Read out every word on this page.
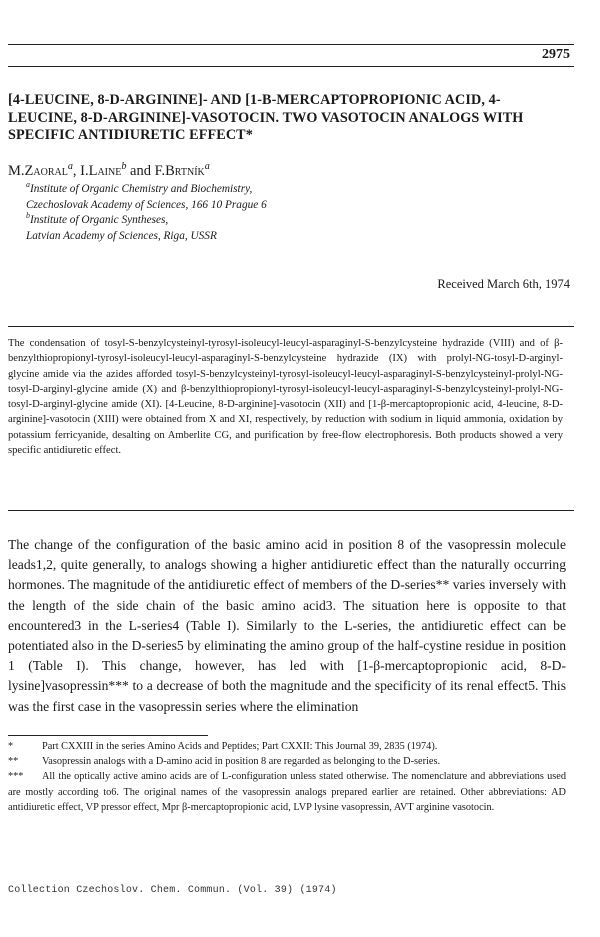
2975
[4-LEUCINE, 8-D-ARGININE]- AND [1-Β-MERCAPTOPROPIONIC ACID, 4-LEUCINE, 8-D-ARGININE]-VASOTOCIN. TWO VASOTOCIN ANALOGS WITH SPECIFIC ANTIDIURETIC EFFECT*
M.Zaoral$^a$, I.Laine$^b$ and F.Brtník$^a$
$^a$Institute of Organic Chemistry and Biochemistry,
Czechoslovak Academy of Sciences, 166 10 Prague 6
$^b$Institute of Organic Syntheses,
Latvian Academy of Sciences, Riga, USSR
Received March 6th, 1974
The condensation of tosyl-S-benzylcysteinyl-tyrosyl-isoleucyl-leucyl-asparaginyl-S-benzylcysteine hydrazide (VIII) and of β-benzylthiopropionyl-tyrosyl-isoleucyl-leucyl-asparaginyl-S-benzylcysteine hydrazide (IX) with prolyl-NG-tosyl-D-arginyl-glycine amide via the azides afforded tosyl-S-benzylcysteinyl-tyrosyl-isoleucyl-leucyl-asparaginyl-S-benzylcysteinyl-prolyl-NG-tosyl-D-arginyl-glycine amide (X) and β-benzylthiopropionyl-tyrosyl-isoleucyl-leucyl-asparaginyl-S-benzylcysteinyl-prolyl-NG-tosyl-D-arginyl-glycine amide (XI). [4-Leucine, 8-D-arginine]-vasotocin (XII) and [1-β-mercaptopropionic acid, 4-leucine, 8-D-arginine]-vasotocin (XIII) were obtained from X and XI, respectively, by reduction with sodium in liquid ammonia, oxidation by potassium ferricyanide, desalting on Amberlite CG, and purification by free-flow electrophoresis. Both products showed a very specific antidiuretic effect.
The change of the configuration of the basic amino acid in position 8 of the vasopressin molecule leads1,2, quite generally, to analogs showing a higher antidiuretic effect than the naturally occurring hormones. The magnitude of the antidiuretic effect of members of the D-series** varies inversely with the length of the side chain of the basic amino acid3. The situation here is opposite to that encountered3 in the L-series4 (Table I). Similarly to the L-series, the antidiuretic effect can be potentiated also in the D-series5 by eliminating the amino group of the half-cystine residue in position 1 (Table I). This change, however, has led with [1-β-mercaptopropionic acid, 8-D-lysine]vasopressin*** to a decrease of both the magnitude and the specificity of its renal effect5. This was the first case in the vasopressin series where the elimination

*	Part CXXIII in the series Amino Acids and Peptides; Part CXXII: This Journal 39, 2835 (1974).

** Vasopressin analogs with a D-amino acid in position 8 are regarded as belonging to the D-series.

*** All the optically active amino acids are of L-configuration unless stated otherwise. The nomenclature and abbreviations used are mostly according to6. The original names of the vasopressin analogs prepared earlier are retained. Other abbreviations: AD antidiuretic effect, VP pressor effect, Mpr β-mercaptopropionic acid, LVP lysine vasopressin, AVT arginine vasotocin.

Collection Czechoslov. Chem. Commun. (Vol. 39) (1974)
